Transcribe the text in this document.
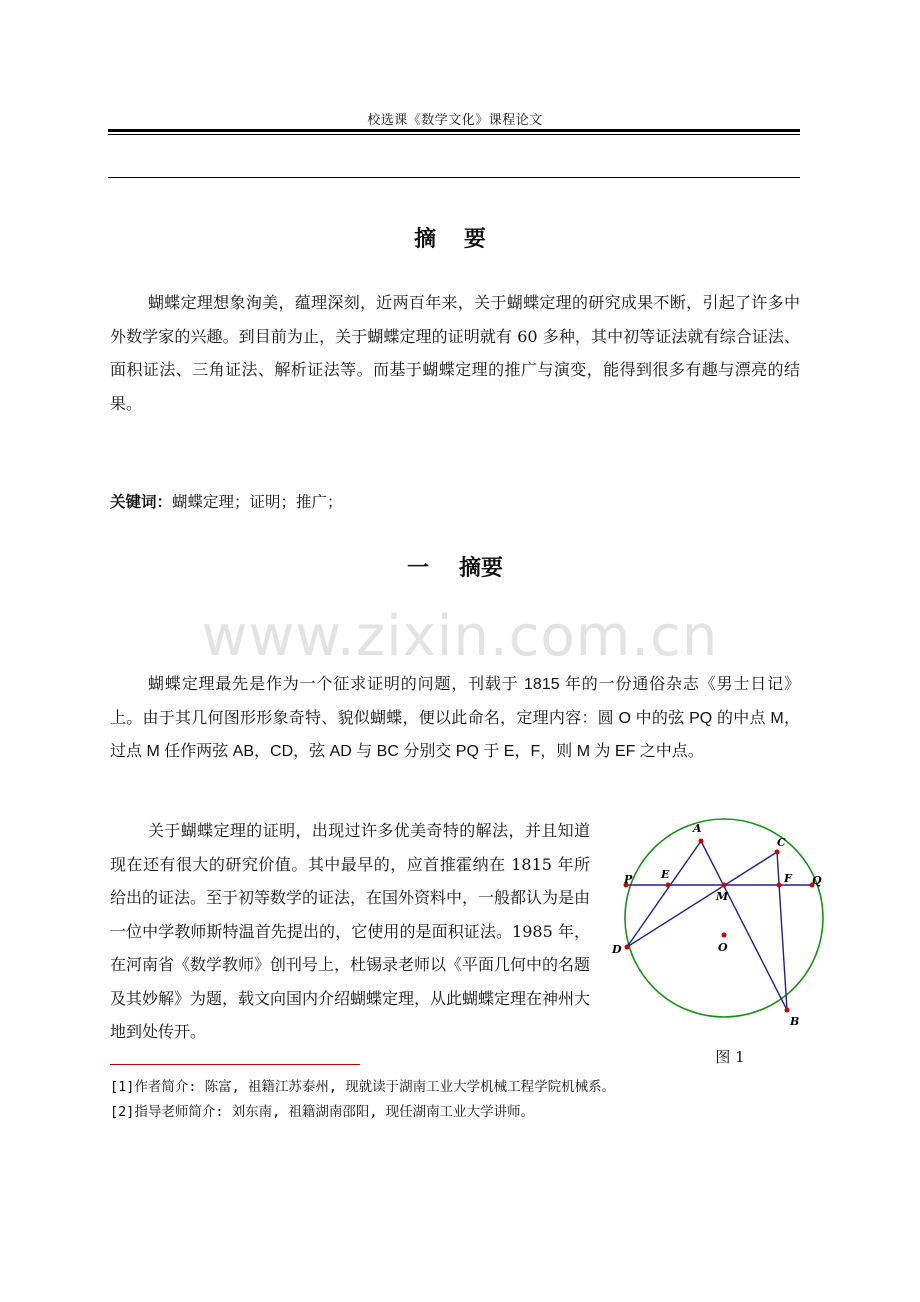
校选课《数学文化》课程论文
摘 要
蝴蝶定理想象洵美，蕴理深刻，近两百年来，关于蝴蝶定理的研究成果不断，引起了许多中外数学家的兴趣。到目前为止，关于蝴蝶定理的证明就有 60 多种，其中初等证法就有综合证法、面积证法、三角证法、解析证法等。而基于蝴蝶定理的推广与演变，能得到很多有趣与漂亮的结果。
关键词：蝴蝶定理；证明；推广；
一 摘要
www.zixin.com.cn
蝴蝶定理最先是作为一个征求证明的问题，刊载于 1815 年的一份通俗杂志《男士日记》上。由于其几何图形形象奇特、貌似蝴蝶，便以此命名，定理内容：圆 O 中的弦 PQ 的中点 M，过点 M 任作两弦 AB，CD，弦 AD 与 BC 分别交 PQ 于 E，F，则 M 为 EF 之中点。
关于蝴蝶定理的证明，出现过许多优美奇特的解法，并且知道现在还有很大的研究价值。其中最早的，应首推霍纳在 1815 年所给出的证法。至于初等数学的证法，在国外资料中，一般都认为是由一位中学教师斯特温首先提出的，它使用的是面积证法。1985 年，在河南省《数学教师》创刊号上，杜锡录老师以《平面几何中的名题及其妙解》为题，载文向国内介绍蝴蝶定理，从此蝴蝶定理在神州大地到处传开。
A
C
P	E	F Q
M
O
D
B
图 1
[1]作者简介: 陈富, 祖籍江苏泰州, 现就读于湖南工业大学机械工程学院机械系。
[2]指导老师简介: 刘东南, 祖籍湖南邵阳, 现任湖南工业大学讲师。
